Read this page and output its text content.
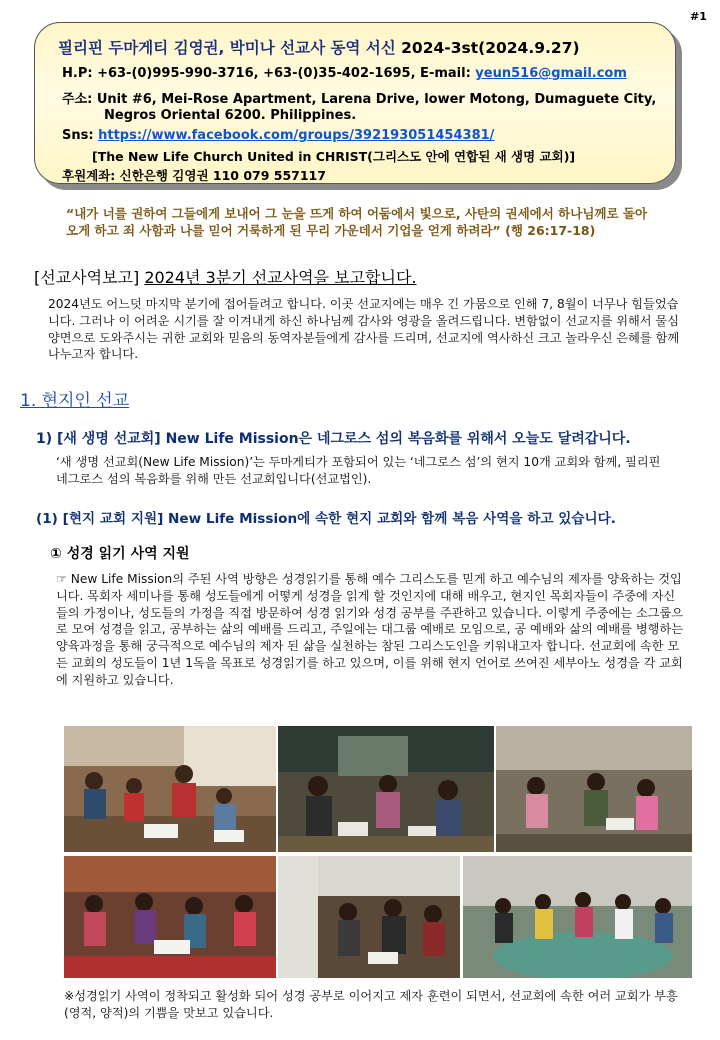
#1
필리핀 두마게티 김영권, 박미나 선교사 동역 서신 2024-3st(2024.9.27)
H.P: +63-(0)995-990-3716, +63-(0)35-402-1695, E-mail: yeun516@gmail.com
주소: Unit #6, Mei-Rose Apartment, Larena Drive, lower Motong, Dumaguete City,
Negros Oriental 6200. Philippines.
Sns: https://www.facebook.com/groups/392193051454381/
[The New Life Church United in CHRIST(그리스도 안에 연합된 새 생명 교회)]
후원계좌: 신한은행 김영권 110 079 557117
“내가 너를 권하여 그들에게 보내어 그 눈을 뜨게 하여 어둠에서 빛으로, 사탄의 권세에서 하나님께로 돌아오게 하고 죄 사함과 나를 믿어 거룩하게 된 무리 가운데서 기업을 얻게 하려라” (행 26:17-18)
[선교사역보고] 2024년 3분기 선교사역을 보고합니다.
2024년도 어느덧 마지막 분기에 접어들려고 합니다. 이곳 선교지에는 매우 긴 가뭄으로 인해 7, 8월이 너무나 힘들었습니다. 그러나 이 어려운 시기를 잘 이겨내게 하신 하나님께 감사와 영광을 올려드립니다. 변함없이 선교지를 위해서 물심양면으로 도와주시는 귀한 교회와 믿음의 동역자분들에게 감사를 드리며, 선교지에 역사하신 크고 놀라우신 은혜를 함께 나누고자 합니다.
1. 현지인 선교
1) [새 생명 선교회] New Life Mission은 네그로스 섬의 복음화를 위해서 오늘도 달려갑니다.
‘새 생명 선교회(New Life Mission)’는 두마게티가 포함되어 있는 ‘네그로스 섬’의 현지 10개 교회와 함께, 필리핀 네그로스 섬의 복음화를 위해 만든 선교회입니다(선교법인).
(1) [현지 교회 지원] New Life Mission에 속한 현지 교회와 함께 복음 사역을 하고 있습니다.
① 성경 읽기 사역 지원
☞ New Life Mission의 주된 사역 방향은 성경읽기를 통해 예수 그리스도를 믿게 하고 예수님의 제자를 양육하는 것입니다. 목회자 세미나를 통해 성도들에게 어떻게 성경을 읽게 할 것인지에 대해 배우고, 현지인 목회자들이 주중에 자신들의 가정이나, 성도들의 가정을 직접 방문하여 성경 읽기와 성경 공부를 주관하고 있습니다. 이렇게 주중에는 소그룹으로 모여 성경을 읽고, 공부하는 삶의 예배를 드리고, 주일에는 대그룹 예배로 모임으로, 공 예배와 삶의 예배를 병행하는 양육과정을 통해 궁극적으로 예수님의 제자 된 삶을 실천하는 참된 그리스도인을 키워내고자 합니다. 선교회에 속한 모든 교회의 성도들이 1년 1독을 목표로 성경읽기를 하고 있으며, 이를 위해 현지 언어로 쓰여진 세부아노 성경을 각 교회에 지원하고 있습니다.
※성경읽기 사역이 정착되고 활성화 되어 성경 공부로 이어지고 제자 훈련이 되면서, 선교회에 속한 여러 교회가 부흥(영적, 양적)의 기쁨을 맛보고 있습니다.
